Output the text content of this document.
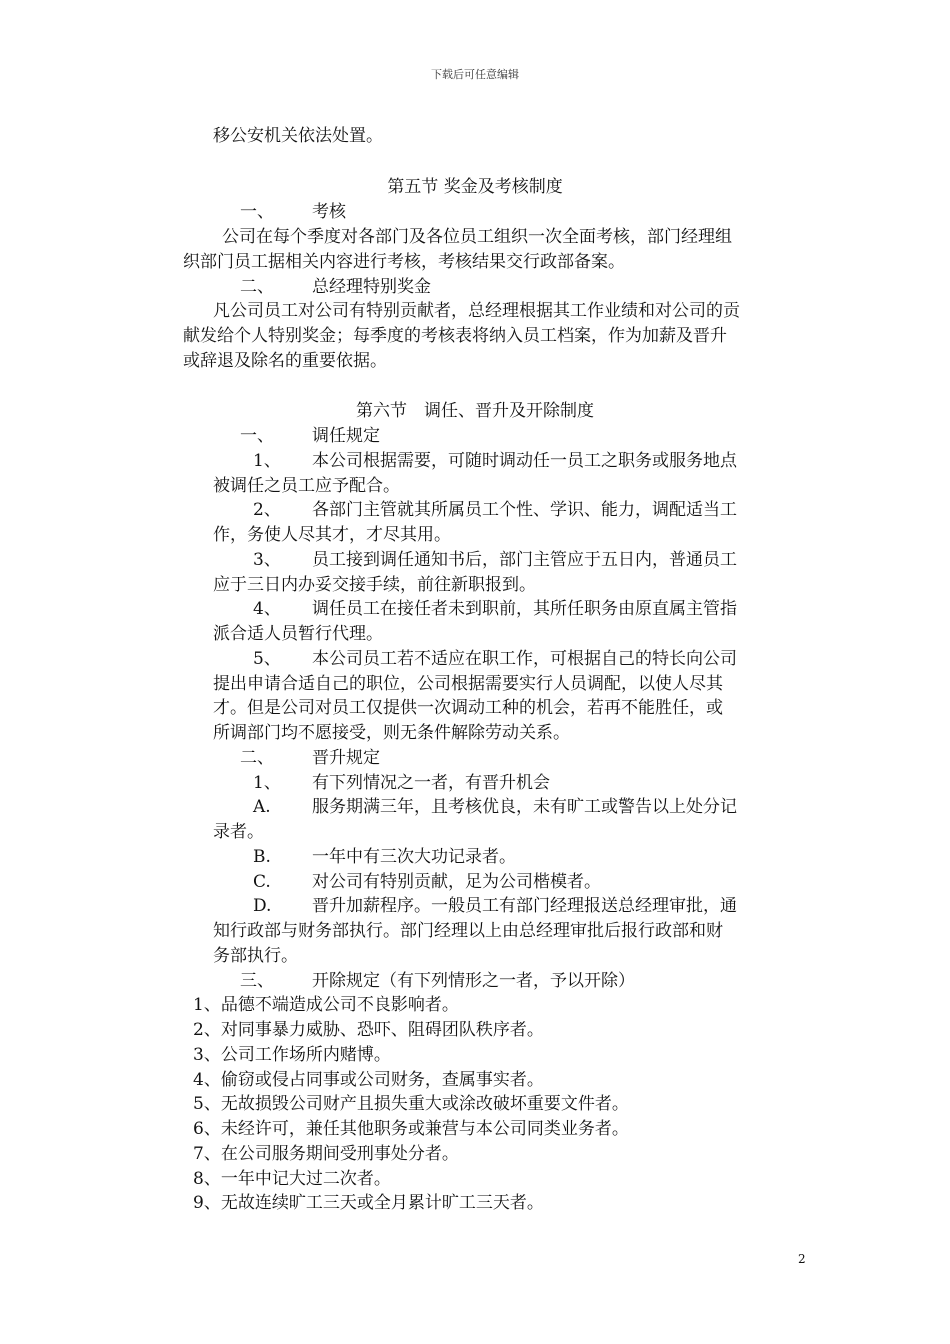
下载后可任意编辑
移公安机关依法处置。
第五节 奖金及考核制度
一、 考核
公司在每个季度对各部门及各位员工组织一次全面考核，部门经理组
织部门员工据相关内容进行考核，考核结果交行政部备案。
二、 总经理特别奖金
凡公司员工对公司有特别贡献者，总经理根据其工作业绩和对公司的贡
献发给个人特别奖金；每季度的考核表将纳入员工档案，作为加薪及晋升
或辞退及除名的重要依据。
第六节　调任、晋升及开除制度
一、 调任规定
1、 本公司根据需要，可随时调动任一员工之职务或服务地点
被调任之员工应予配合。
2、 各部门主管就其所属员工个性、学识、能力，调配适当工
作，务使人尽其才，才尽其用。
3、 员工接到调任通知书后，部门主管应于五日内，普通员工
应于三日内办妥交接手续，前往新职报到。
4、 调任员工在接任者未到职前，其所任职务由原直属主管指
派合适人员暂行代理。
5、 本公司员工若不适应在职工作，可根据自己的特长向公司
提出申请合适自己的职位，公司根据需要实行人员调配，以使人尽其
才。但是公司对员工仅提供一次调动工种的机会，若再不能胜任，或
所调部门均不愿接受，则无条件解除劳动关系。
二、 晋升规定
1、 有下列情况之一者，有晋升机会
A. 服务期满三年，且考核优良，未有旷工或警告以上处分记
录者。
B. 一年中有三次大功记录者。
C. 对公司有特别贡献，足为公司楷模者。
D. 晋升加薪程序。一般员工有部门经理报送总经理审批，通
知行政部与财务部执行。部门经理以上由总经理审批后报行政部和财
务部执行。
三、 开除规定（有下列情形之一者，予以开除）
1、品德不端造成公司不良影响者。
2、对同事暴力威胁、恐吓、阻碍团队秩序者。
3、公司工作场所内赌博。
4、偷窃或侵占同事或公司财务，查属事实者。
5、无故损毁公司财产且损失重大或涂改破坏重要文件者。
6、未经许可，兼任其他职务或兼营与本公司同类业务者。
7、在公司服务期间受刑事处分者。
8、一年中记大过二次者。
9、无故连续旷工三天或全月累计旷工三天者。
2
